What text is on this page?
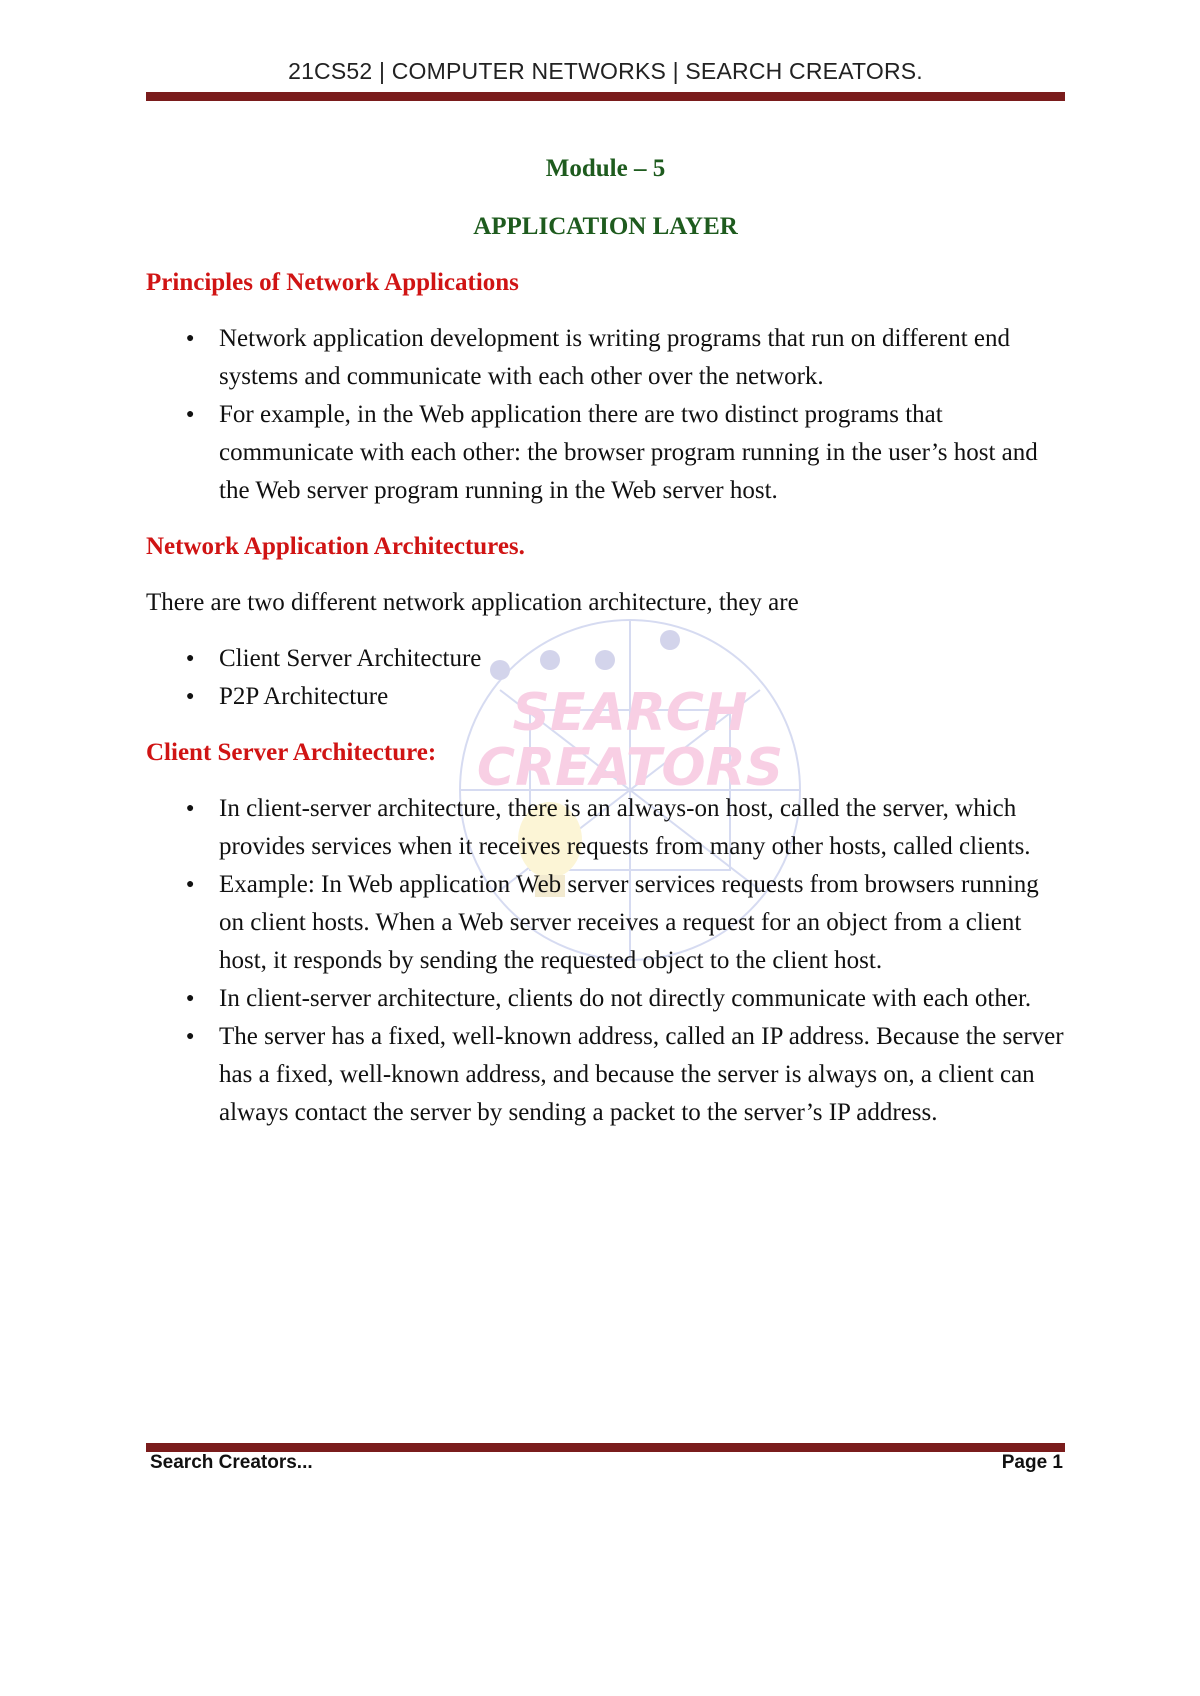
21CS52 | COMPUTER NETWORKS | SEARCH CREATORS.
SEARCH
CREATORS
Module – 5
APPLICATION LAYER
Principles of Network Applications
● Network application development is writing programs that run on different end systems and communicate with each other over the network.
● For example, in the Web application there are two distinct programs that communicate with each other: the browser program running in the user’s host and the Web server program running in the Web server host.
Network Application Architectures.

There are two different network application architecture, they are

● Client Server Architecture
● P2P Architecture
Client Server Architecture:
● In client-server architecture, there is an always-on host, called the server, which provides services when it receives requests from many other hosts, called clients.
● Example: In Web application Web server services requests from browsers running on client hosts. When a Web server receives a request for an object from a client host, it responds by sending the requested object to the client host.
● In client-server architecture, clients do not directly communicate with each other.
● The server has a fixed, well-known address, called an IP address. Because the server has a fixed, well-known address, and because the server is always on, a client can always contact the server by sending a packet to the server’s IP address.
Search Creators...	Page 1
